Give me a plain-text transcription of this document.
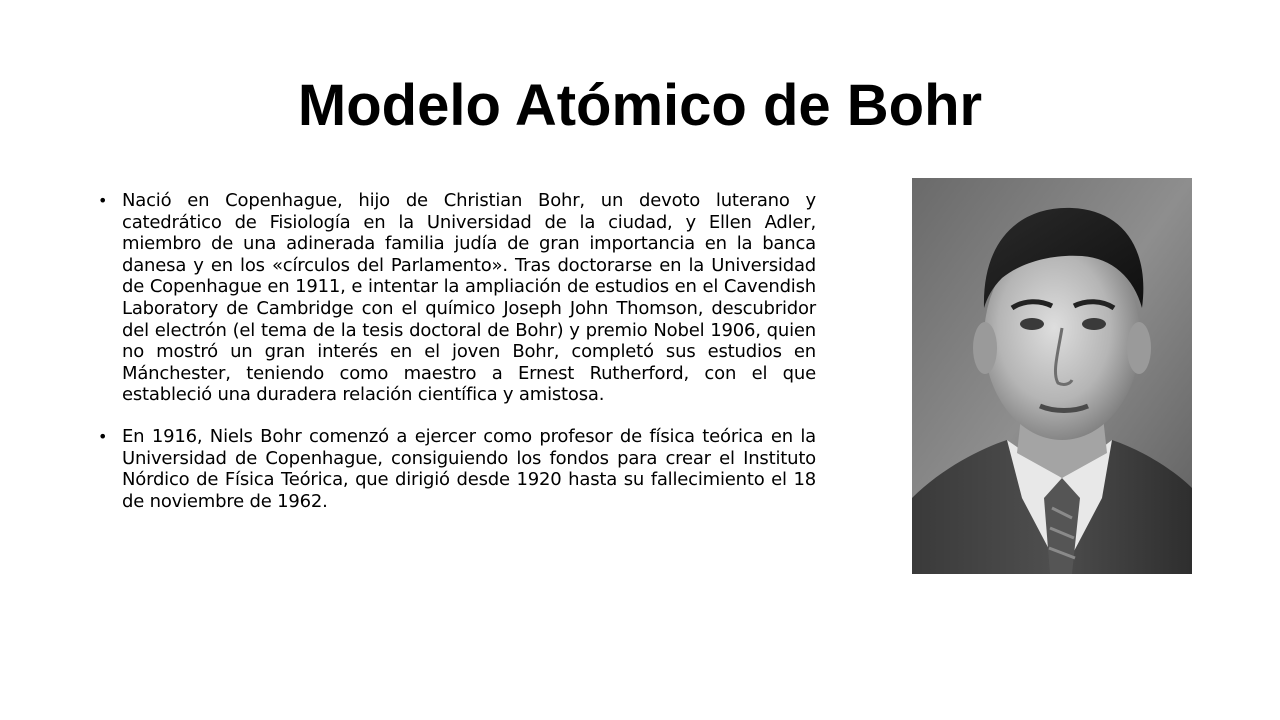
Modelo Atómico de Bohr
• Nació en Copenhague, hijo de Christian Bohr, un devoto luterano y catedrático de Fisiología en la Universidad de la ciudad, y Ellen Adler, miembro de una adinerada familia judía de gran importancia en la banca danesa y en los «círculos del Parlamento». Tras doctorarse en la Universidad de Copenhague en 1911, e intentar la ampliación de estudios en el Cavendish Laboratory de Cambridge con el químico Joseph John Thomson, descubridor del electrón (el tema de la tesis doctoral de Bohr) y premio Nobel 1906, quien no mostró un gran interés en el joven Bohr, completó sus estudios en Mánchester, teniendo como maestro a Ernest Rutherford, con el que estableció una duradera relación científica y amistosa.
• En 1916, Niels Bohr comenzó a ejercer como profesor de física teórica en la Universidad de Copenhague, consiguiendo los fondos para crear el Instituto Nórdico de Física Teórica, que dirigió desde 1920 hasta su fallecimiento el 18 de noviembre de 1962.
